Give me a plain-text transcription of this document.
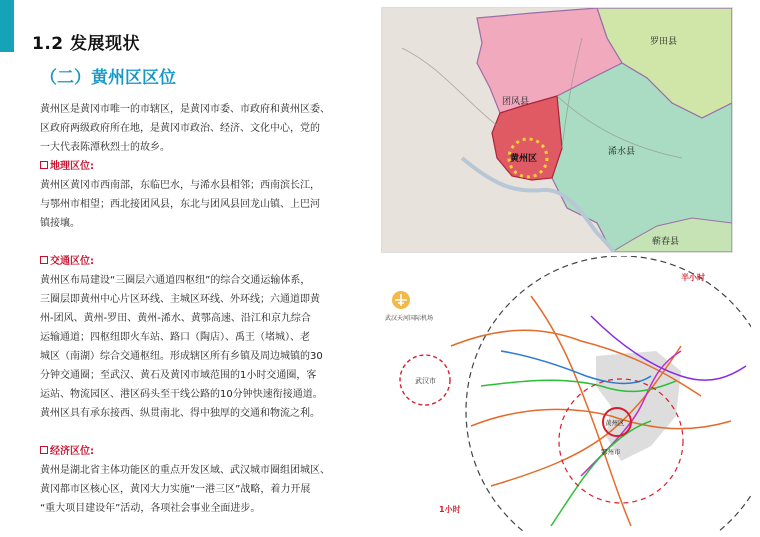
1.2 发展现状
（二）黄州区区位

黄州区是黄冈市唯一的市辖区，是黄冈市委、市政府和黄州区委、

区政府两级政府所在地，是黄冈市政治、经济、文化中心，党的

一大代表陈潭秋烈士的故乡。

地理区位:

黄州区黄冈市西南部，东临巴水，与浠水县相邻；西南滨长江，

与鄂州市相望；西北接团风县，东北与团风县回龙山镇、上巴河

镇接壤。

交通区位:

黄州区布局建设“三圈层六通道四枢纽”的综合交通运输体系，

三圈层即黄州中心片区环线、主城区环线、外环线；六通道即黄

州-团风、黄州-罗田、黄州-浠水、黄鄂高速、沿江和京九综合

运输通道；四枢纽即火车站、路口（陶店）、禹王（堵城）、老

城区（南湖）综合交通枢纽。形成辖区所有乡镇及周边城镇的30

分钟交通圈；至武汉、黄石及黄冈市域范围的1小时交通圈，客

运站、物流园区、港区码头至干线公路的10分钟快速衔接通道。

黄州区具有承东接西、纵贯南北、得中独厚的交通和物流之利。

经济区位:

黄州是湖北省主体功能区的重点开发区域、武汉城市圈组团城区、

黄冈都市区核心区，黄冈大力实施“一港三区”战略，着力开展

“重大项目建设年”活动，各项社会事业全面进步。

罗田县
团风县
浠水县
黄州区
蕲春县
武汉市
武汉天河国际机场
黄州区
鄂州市
半小时
1小时
